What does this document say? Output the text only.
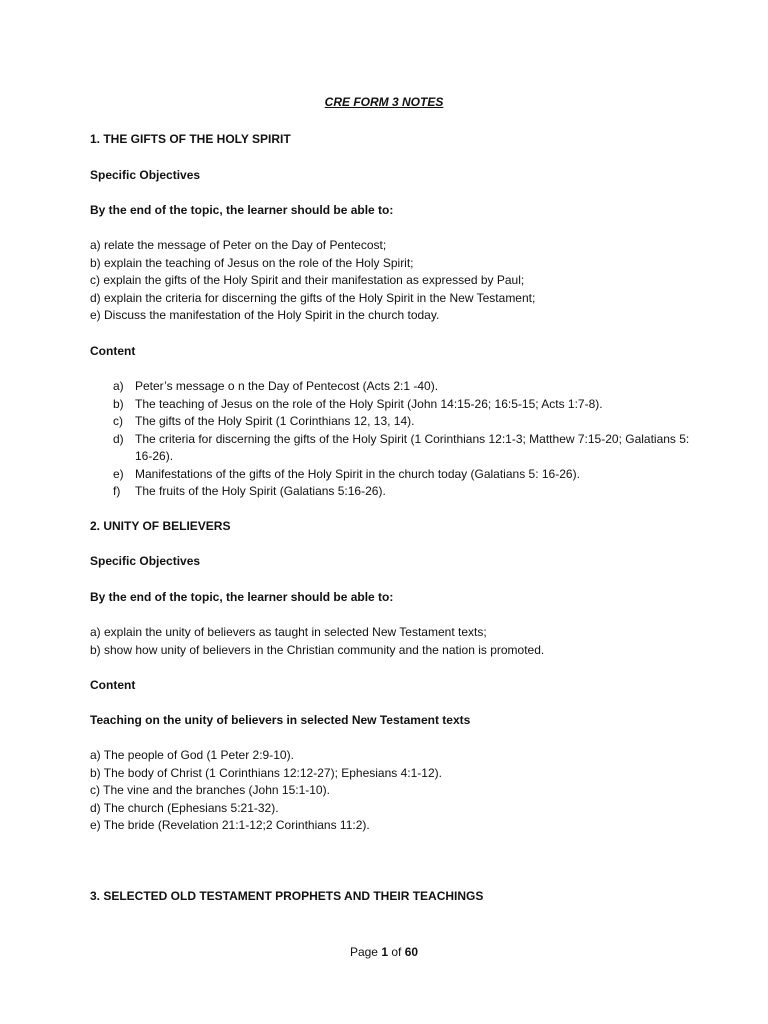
CRE FORM 3 NOTES
1. THE GIFTS OF THE HOLY SPIRIT
Specific Objectives
By the end of the topic, the learner should be able to:
a) relate the message of Peter on the Day of Pentecost;
b) explain the teaching of Jesus on the role of the Holy Spirit;
c) explain the gifts of the Holy Spirit and their manifestation as expressed by Paul;
d) explain the criteria for discerning the gifts of the Holy Spirit in the New Testament;
e) Discuss the manifestation of the Holy Spirit in the church today.
Content
a) Peter’s message o n the Day of Pentecost (Acts 2:1 -40).
b) The teaching of Jesus on the role of the Holy Spirit (John 14:15-26; 16:5-15; Acts 1:7-8).
c) The gifts of the Holy Spirit (1 Corinthians 12, 13, 14).
d) The criteria for discerning the gifts of the Holy Spirit (1 Corinthians 12:1-3; Matthew 7:15-20; Galatians 5:
16-26).
e) Manifestations of the gifts of the Holy Spirit in the church today (Galatians 5: 16-26).
f) The fruits of the Holy Spirit (Galatians 5:16-26).
2. UNITY OF BELIEVERS
Specific Objectives
By the end of the topic, the learner should be able to:
a) explain the unity of believers as taught in selected New Testament texts;
b) show how unity of believers in the Christian community and the nation is promoted.
Content
Teaching on the unity of believers in selected New Testament texts
a) The people of God (1 Peter 2:9-10).
b) The body of Christ (1 Corinthians 12:12-27); Ephesians 4:1-12).
c) The vine and the branches (John 15:1-10).
d) The church (Ephesians 5:21-32).
e) The bride (Revelation 21:1-12;2 Corinthians 11:2).
3. SELECTED OLD TESTAMENT PROPHETS AND THEIR TEACHINGS
Page 1 of 60
